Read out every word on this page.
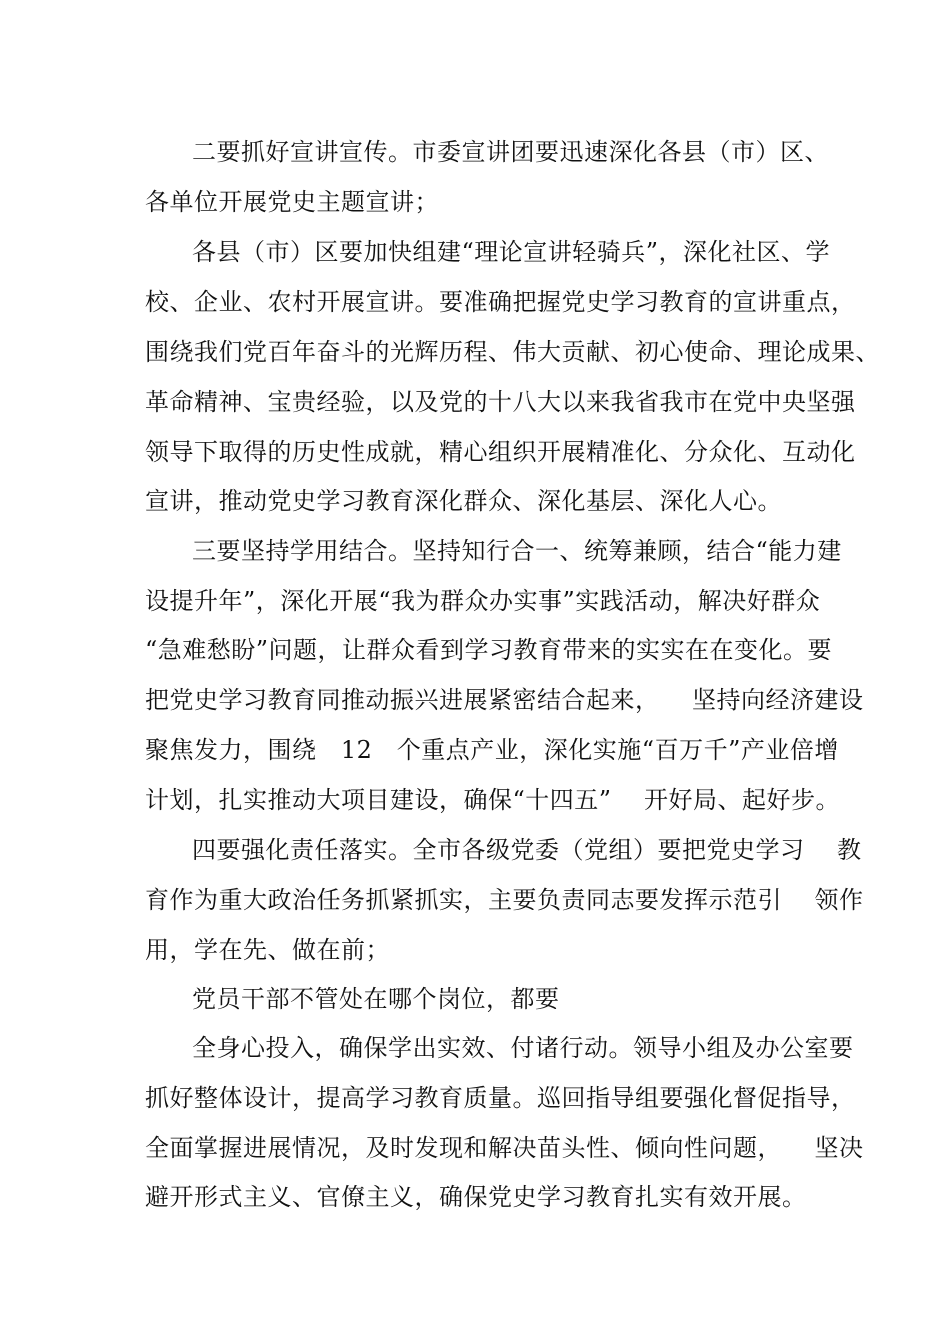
二要抓好宣讲宣传。市委宣讲团要迅速深化各县（市）区、
各单位开展党史主题宣讲；
各县（市）区要加快组建“理论宣讲轻骑兵”，深化社区、学
校、企业、农村开展宣讲。要准确把握党史学习教育的宣讲重点，
围绕我们党百年奋斗的光辉历程、伟大贡献、初心使命、理论成果、
革命精神、宝贵经验，以及党的十八大以来我省我市在党中央坚强
领导下取得的历史性成就，精心组织开展精准化、分众化、互动化
宣讲，推动党史学习教育深化群众、深化基层、深化人心。
三要坚持学用结合。坚持知行合一、统筹兼顾，结合“能力建
设提升年”，深化开展“我为群众办实事”实践活动，解决好群众
“急难愁盼”问题，让群众看到学习教育带来的实实在在变化。要
把党史学习教育同推动振兴进展紧密结合起来，    坚持向经济建设
聚焦发力，围绕   12   个重点产业，深化实施“百万千”产业倍增
计划，扎实推动大项目建设，确保“十四五”    开好局、起好步。
四要强化责任落实。全市各级党委（党组）要把党史学习    教
育作为重大政治任务抓紧抓实，主要负责同志要发挥示范引    领作
用，学在先、做在前；
党员干部不管处在哪个岗位，都要
全身心投入，确保学出实效、付诸行动。领导小组及办公室要
抓好整体设计，提高学习教育质量。巡回指导组要强化督促指导，
全面掌握进展情况，及时发现和解决苗头性、倾向性问题，    坚决
避开形式主义、官僚主义，确保党史学习教育扎实有效开展。
